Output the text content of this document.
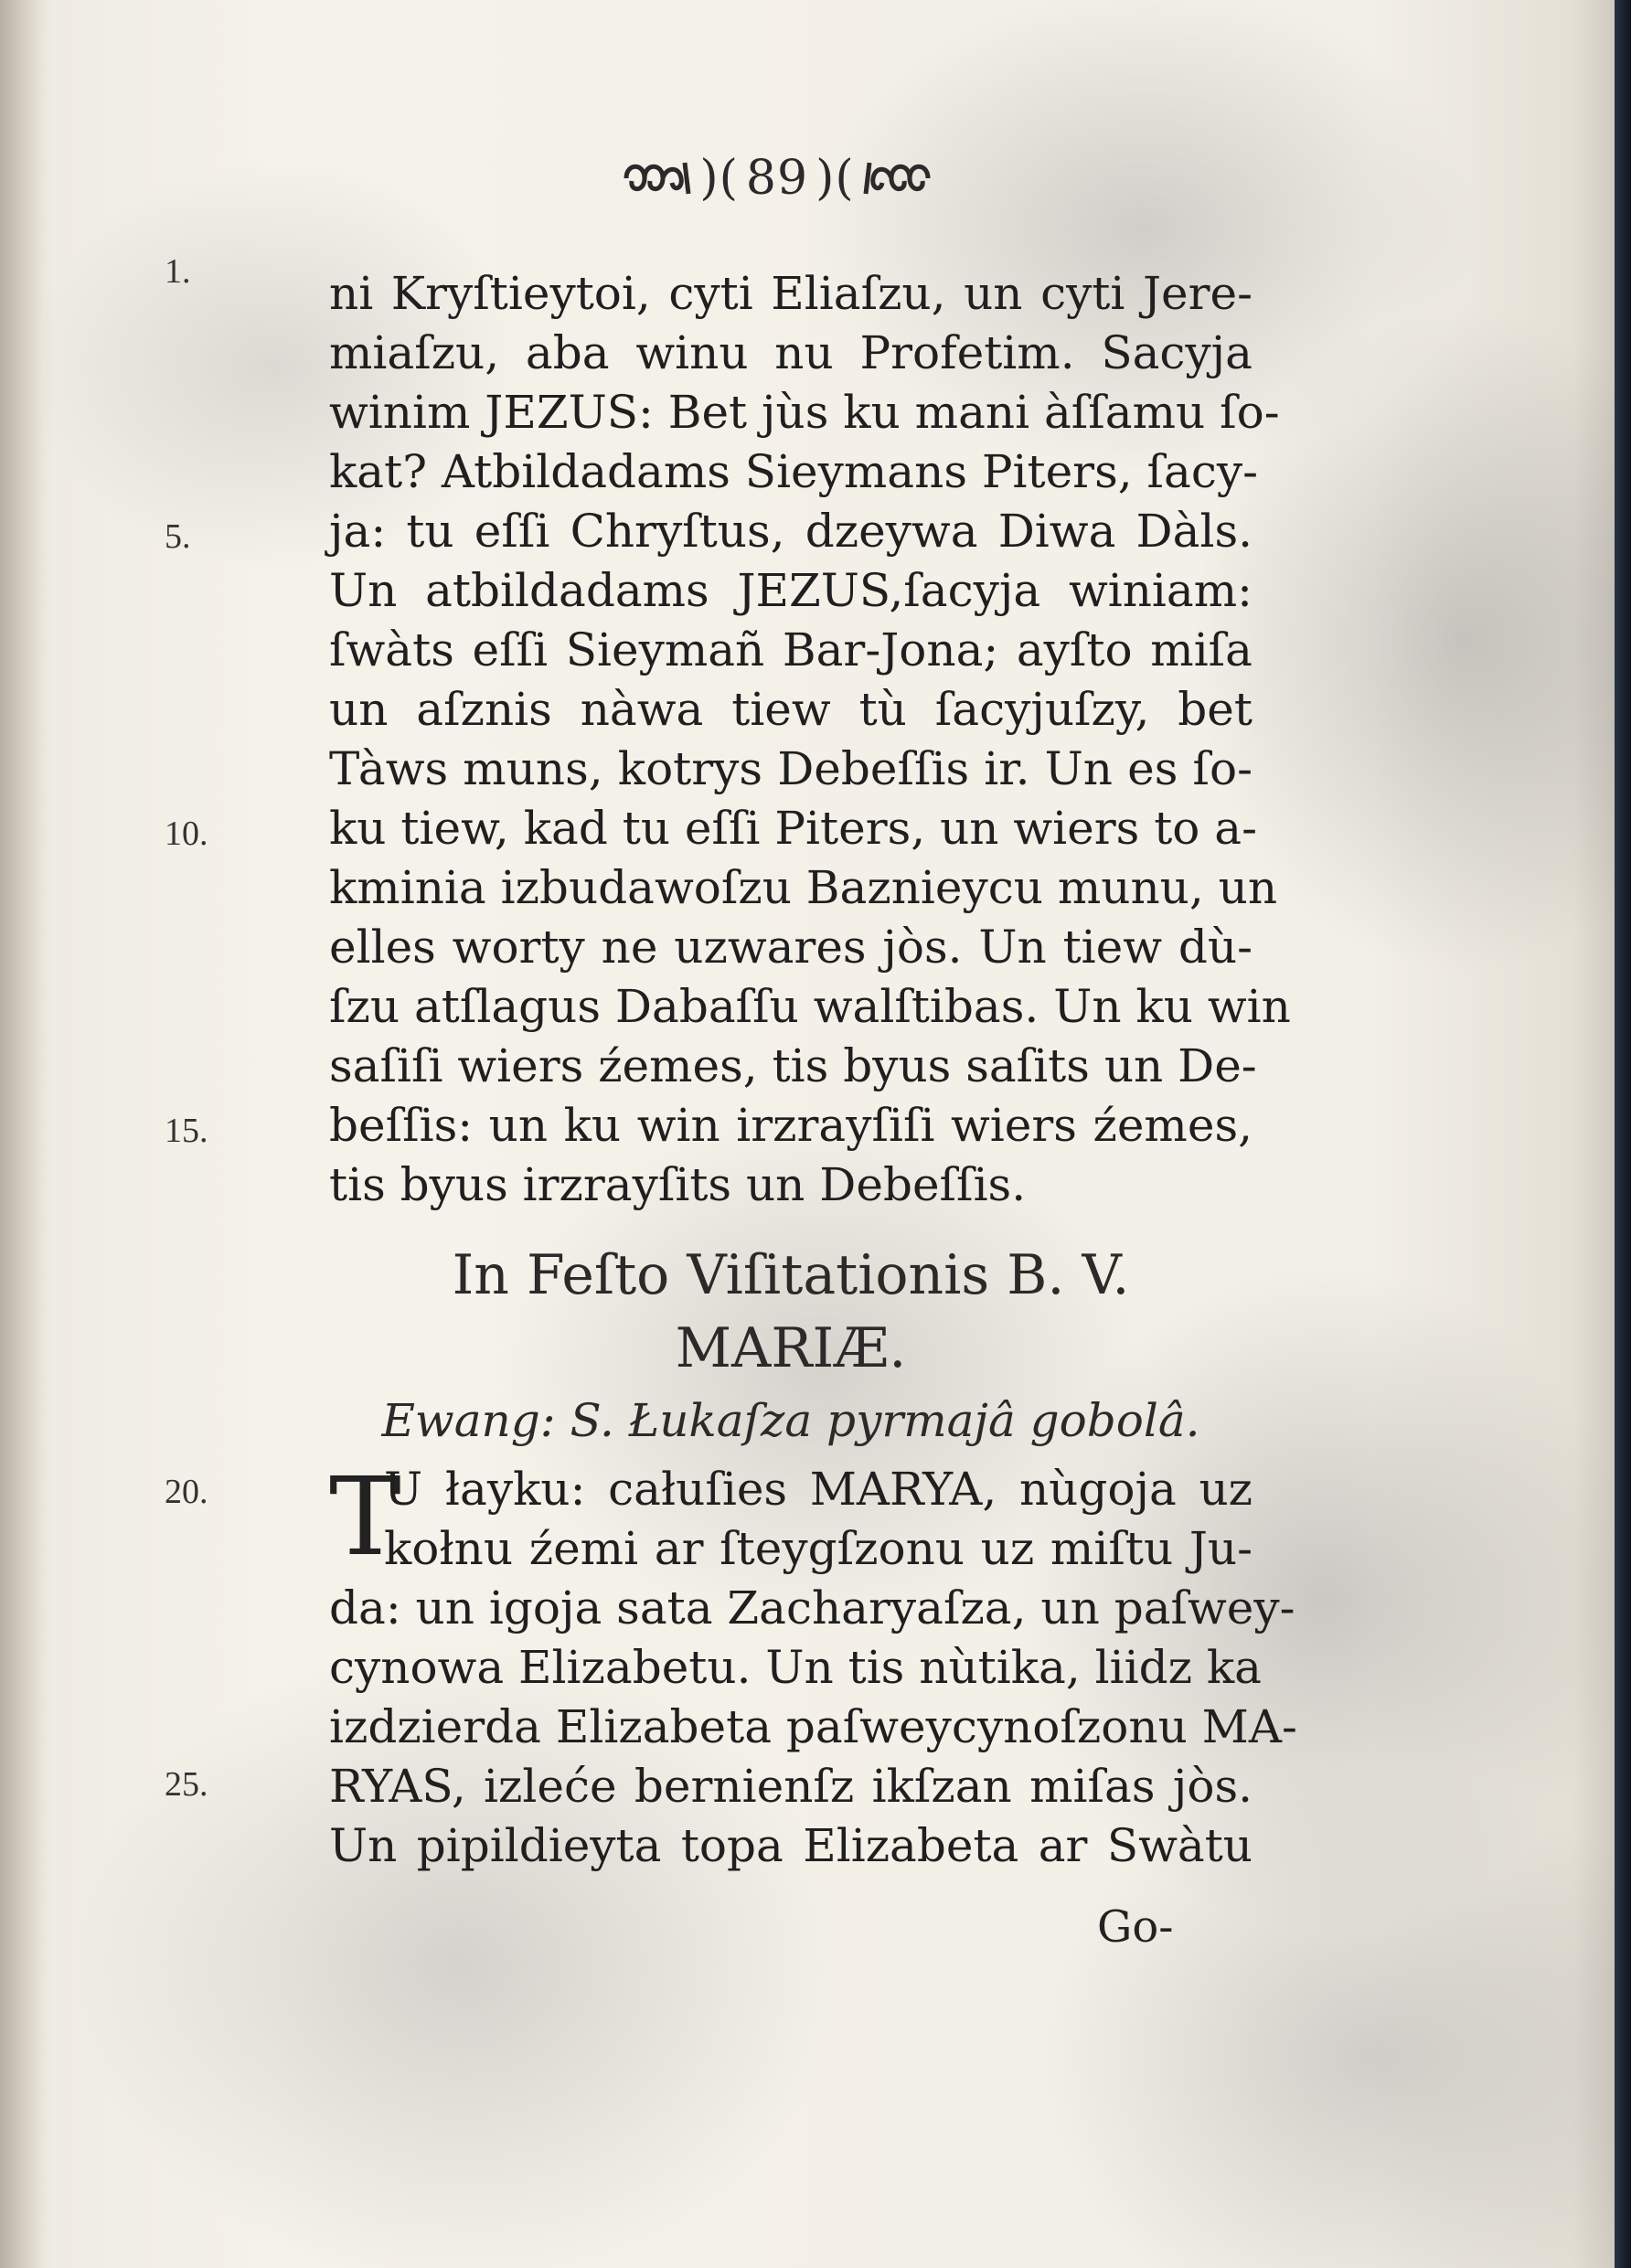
)( 89 )(
1.
5.
10.
15.
20.
25.
ni Kryſtieytoi, cyti Eliaſzu, un cyti Jere-
miaſzu, aba winu nu Profetim. Sacyja
winim JEZUS: Bet jùs ku mani àſſamu ſo-
kat? Atbildadams Sieymans Piters, ſacy-
ja: tu eſſi Chryſtus, dzeywa Diwa Dàls.
Un atbildadams JEZUS,ſacyja winiam:
ſwàts eſſi Sieymañ Bar-Jona; ayſto miſa
un aſznis nàwa tiew tù ſacyjuſzy, bet
Tàws muns, kotrys Debeſſis ir. Un es ſo-
ku tiew, kad tu eſſi Piters, un wiers to a-
kminia izbudawoſzu Baznieycu munu, un
elles worty ne uzwares jòs. Un tiew dù-
ſzu atſlagus Dabaſſu walſtibas. Un ku win
saſiſi wiers źemes, tis byus saſits un De-
beſſis: un ku win irzrayſiſi wiers źemes,
tis byus irzrayſits un Debeſſis.
In Feſto Viſitationis B. V.
MARIÆ.
Ewang: S. Łukaſza pyrmajâ gobolâ.
T
U łayku: całuſies MARYA, nùgoja uz
kołnu źemi ar ſteygſzonu uz miſtu Ju-
da: un igoja sata Zacharyaſza, un paſwey-
cynowa Elizabetu. Un tis nùtika, liidz ka
izdzierda Elizabeta paſweycynoſzonu MA-
RYAS, izlećе bernienſz ikſzan miſas jòs.
Un pipildieyta topa Elizabeta ar Swàtu
Go-
